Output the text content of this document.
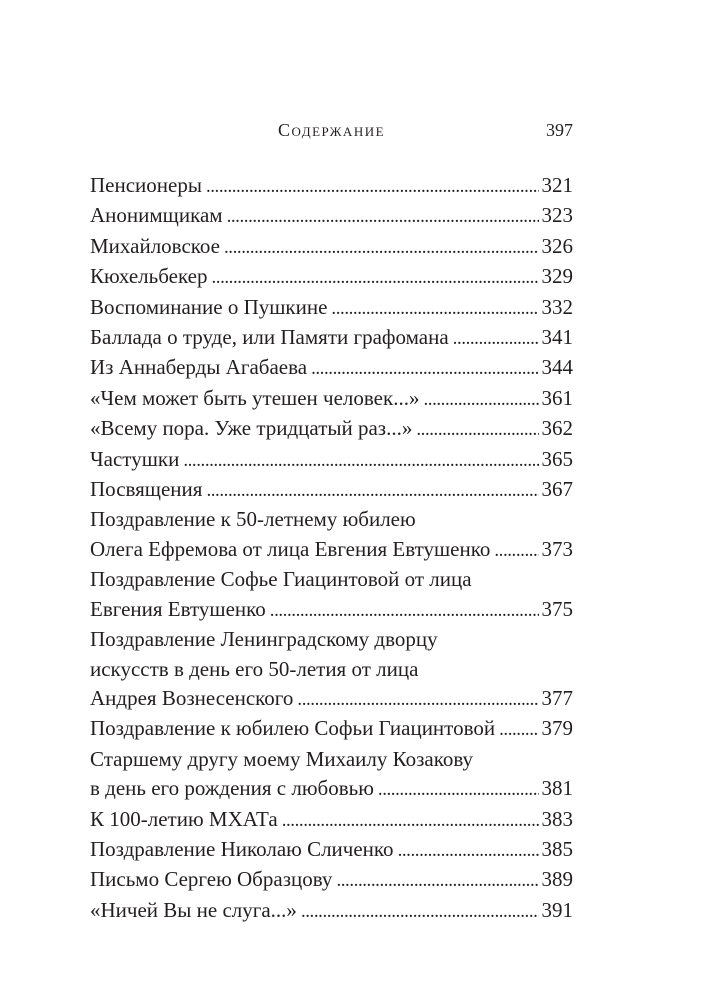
Содержание	397
Пенсионеры . . .	321
Анонимщикам . . .	323
Михайловское . . .	326
Кюхельбекер . . .	329
Воспоминание о Пушкине . . .	332
Баллада о труде, или Памяти графомана . . .	341
Из Аннаберды Агабаева . . .	344
«Чем может быть утешен человек...» . . .	361
«Всему пора. Уже тридцатый раз...» . . .	362
Частушки . . .	365
Посвящения . . .	367
Поздравление к 50-летнему юбилею
Олега Ефремова от лица Евгения Евтушенко . . . 373
Поздравление Софье Гиацинтовой от лица
Евгения Евтушенко . . .	375
Поздравление Ленинградскому дворцу
искусств в день его 50-летия от лица
Андрея Вознесенского . . .	377
Поздравление к юбилею Софьи Гиацинтовой . . . 379
Старшему другу моему Михаилу Козакову
в день его рождения с любовью . . .	381
К 100-летию МХАТа . . .	383
Поздравление Николаю Сличенко . . .	385
Письмо Сергею Образцову . . .	389
«Ничей Вы не слуга...» . . .	391
